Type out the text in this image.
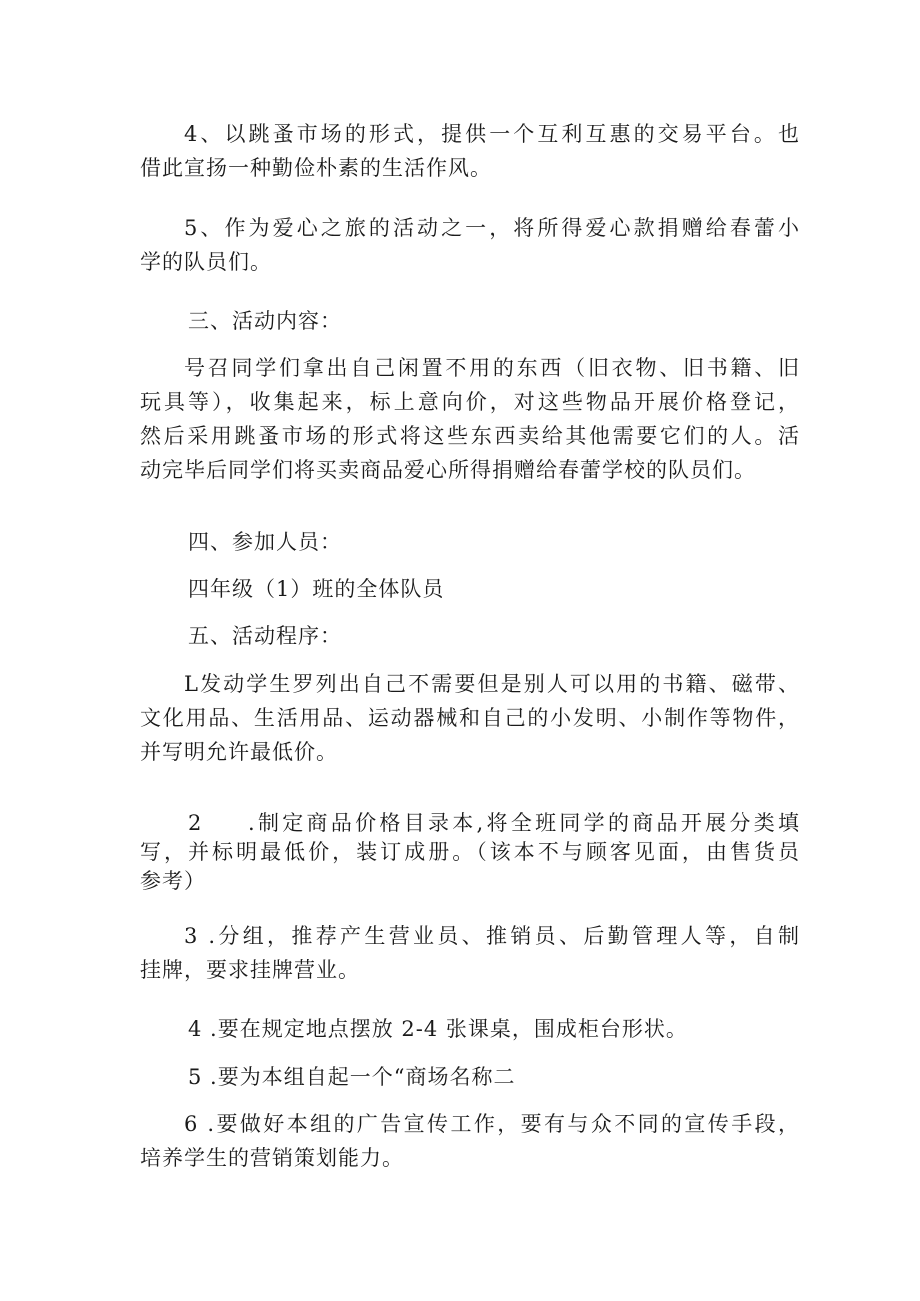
4、以跳蚤市场的形式，提供一个互利互惠的交易平台。也
借此宣扬一种勤俭朴素的生活作风。
5、作为爱心之旅的活动之一，将所得爱心款捐赠给春蕾小
学的队员们。
三、活动内容：
号召同学们拿出自己闲置不用的东西（旧衣物、旧书籍、旧
玩具等），收集起来，标上意向价，对这些物品开展价格登记，
然后采用跳蚤市场的形式将这些东西卖给其他需要它们的人。活
动完毕后同学们将买卖商品爱心所得捐赠给春蕾学校的队员们。
四、参加人员：
四年级（1）班的全体队员
五、活动程序：
L发动学生罗列出自己不需要但是别人可以用的书籍、磁带、
文化用品、生活用品、运动器械和自己的小发明、小制作等物件，
并写明允许最低价。
2 .制定商品价格目录本,将全班同学的商品开展分类填
写，并标明最低价，装订成册。（该本不与顾客见面，由售货员
参考）
3 .分组，推荐产生营业员、推销员、后勤管理人等，自制
挂牌，要求挂牌营业。
4 .要在规定地点摆放 2-4 张课桌，围成柜台形状。
5 .要为本组自起一个“商场名称二
6 .要做好本组的广告宣传工作，要有与众不同的宣传手段，
培养学生的营销策划能力。
